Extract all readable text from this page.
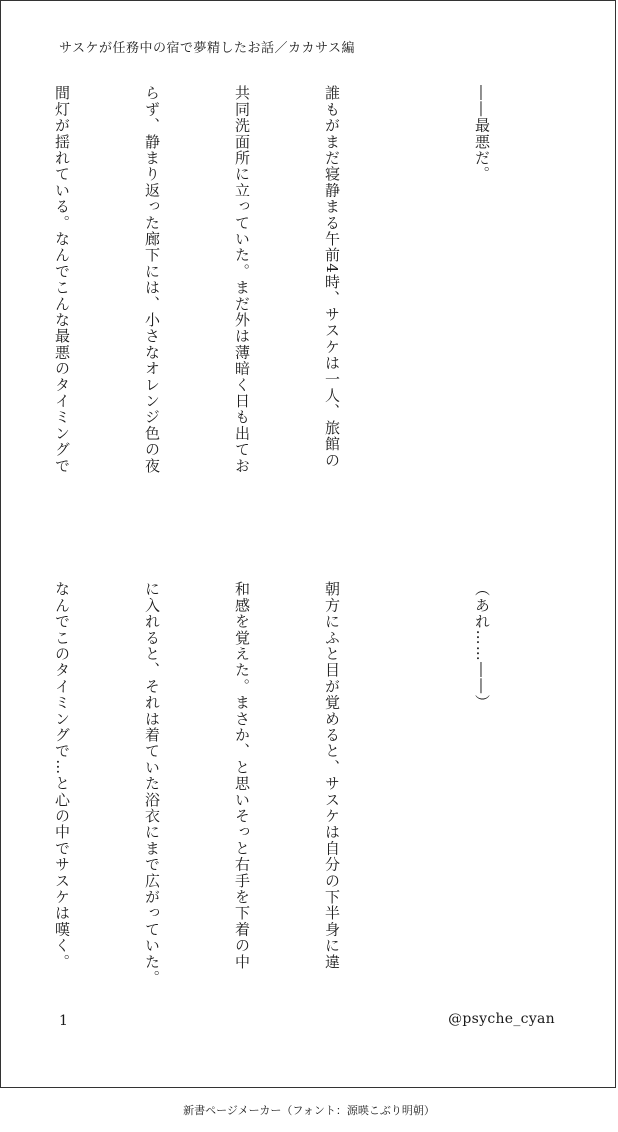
サスケが任務中の宿で夢精したお話／カカサス編

――最悪だ。

誰もがまだ寝静まる午前4時、サスケは一人、旅館の

共同洗面所に立っていた。まだ外は薄暗く日も出てお

らず、静まり返った廊下には、小さなオレンジ色の夜

間灯が揺れている。なんでこんな最悪のタイミングで

（あれ……――）

朝方にふと目が覚めると、サスケは自分の下半身に違

和感を覚えた。まさか、と思いそっと右手を下着の中

に入れると、それは着ていた浴衣にまで広がっていた。

なんでこのタイミングで…と心の中でサスケは嘆く。

1	@psyche_cyan
新書ページメーカー（フォント：源暎こぶり明朝）
